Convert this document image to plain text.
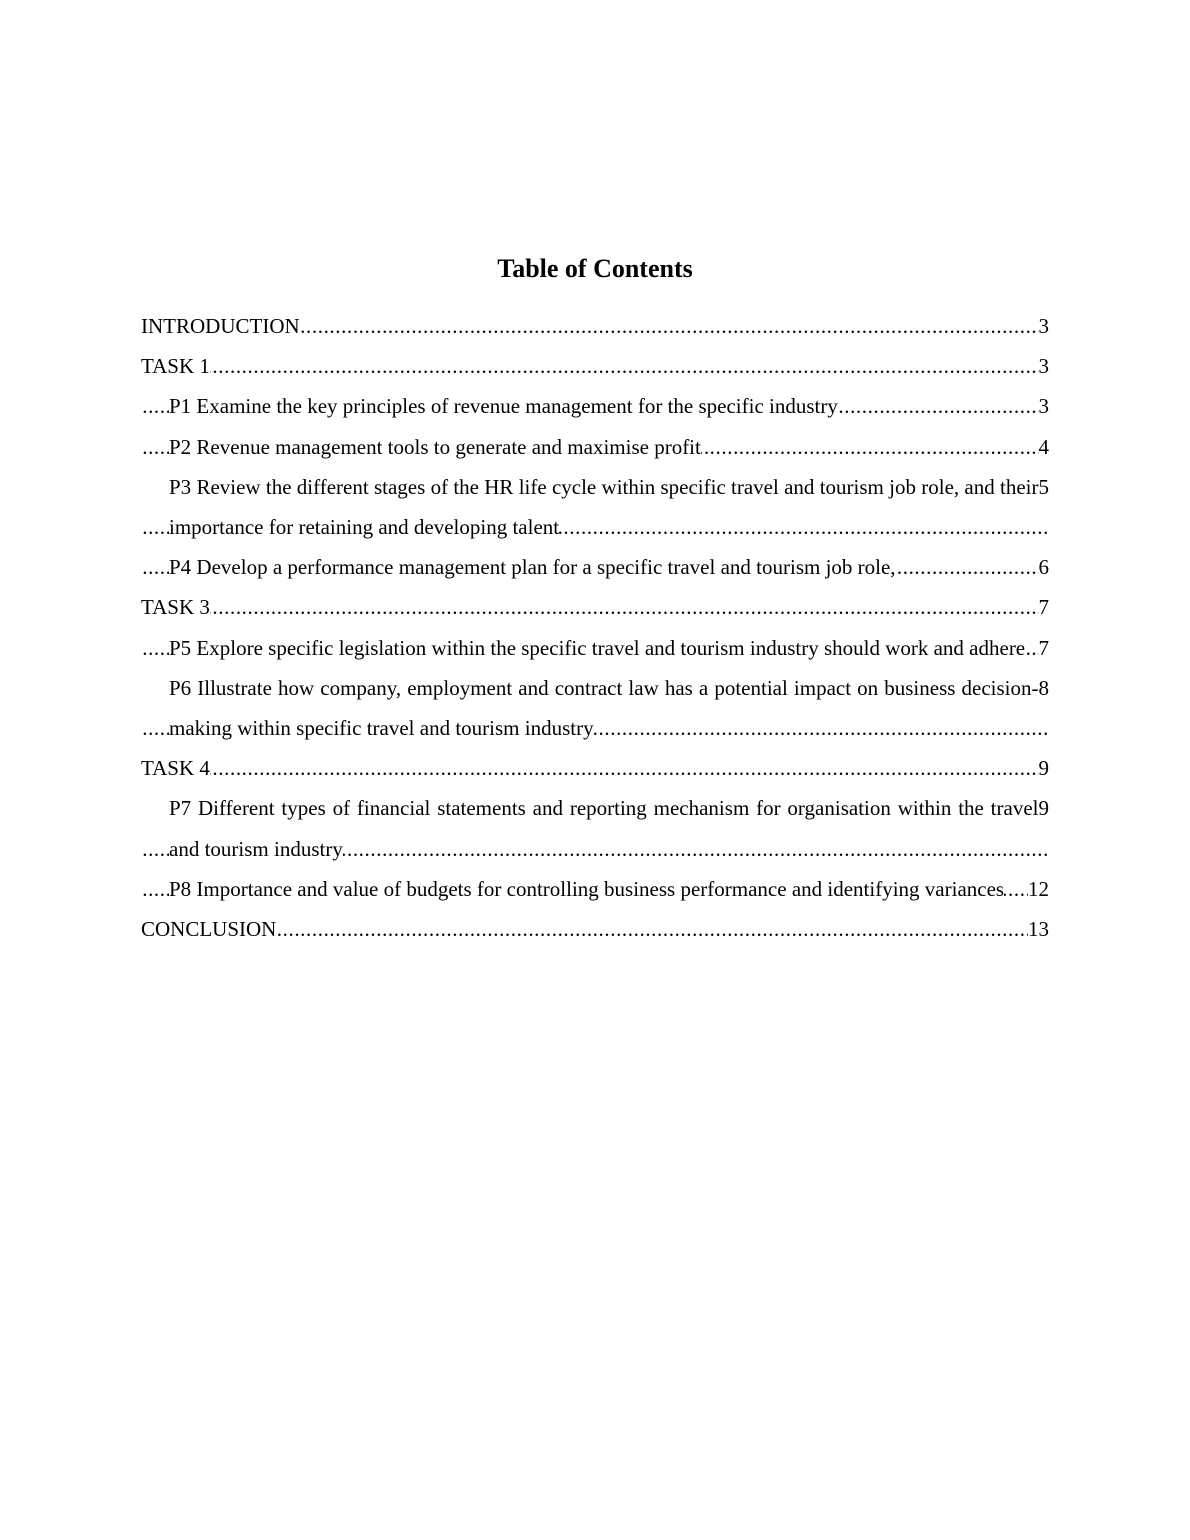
Table of Contents
.....
3
INTRODUCTION
.....
3
TASK 1
.....
3
P1 Examine the key principles of revenue management for the specific industry
.....
4
P2 Revenue management tools to generate and maximise profit
.....
5
P3 Review the different stages of the HR life cycle within specific travel and tourism job role, and their importance for retaining and developing talent
.....
6
P4 Develop a performance management plan for a specific travel and tourism job role,
.....
7
TASK 3
.....
7
P5 Explore specific legislation within the specific travel and tourism industry should work and adhere
.....
8
P6 Illustrate how company, employment and contract law has a potential impact on business decision-making within specific travel and tourism industry
.....
9
TASK 4
.....
9
P7 Different types of financial statements and reporting mechanism for organisation within the travel and tourism industry
.....
12
P8 Importance and value of budgets for controlling business performance and identifying variances
.....
13
CONCLUSION
